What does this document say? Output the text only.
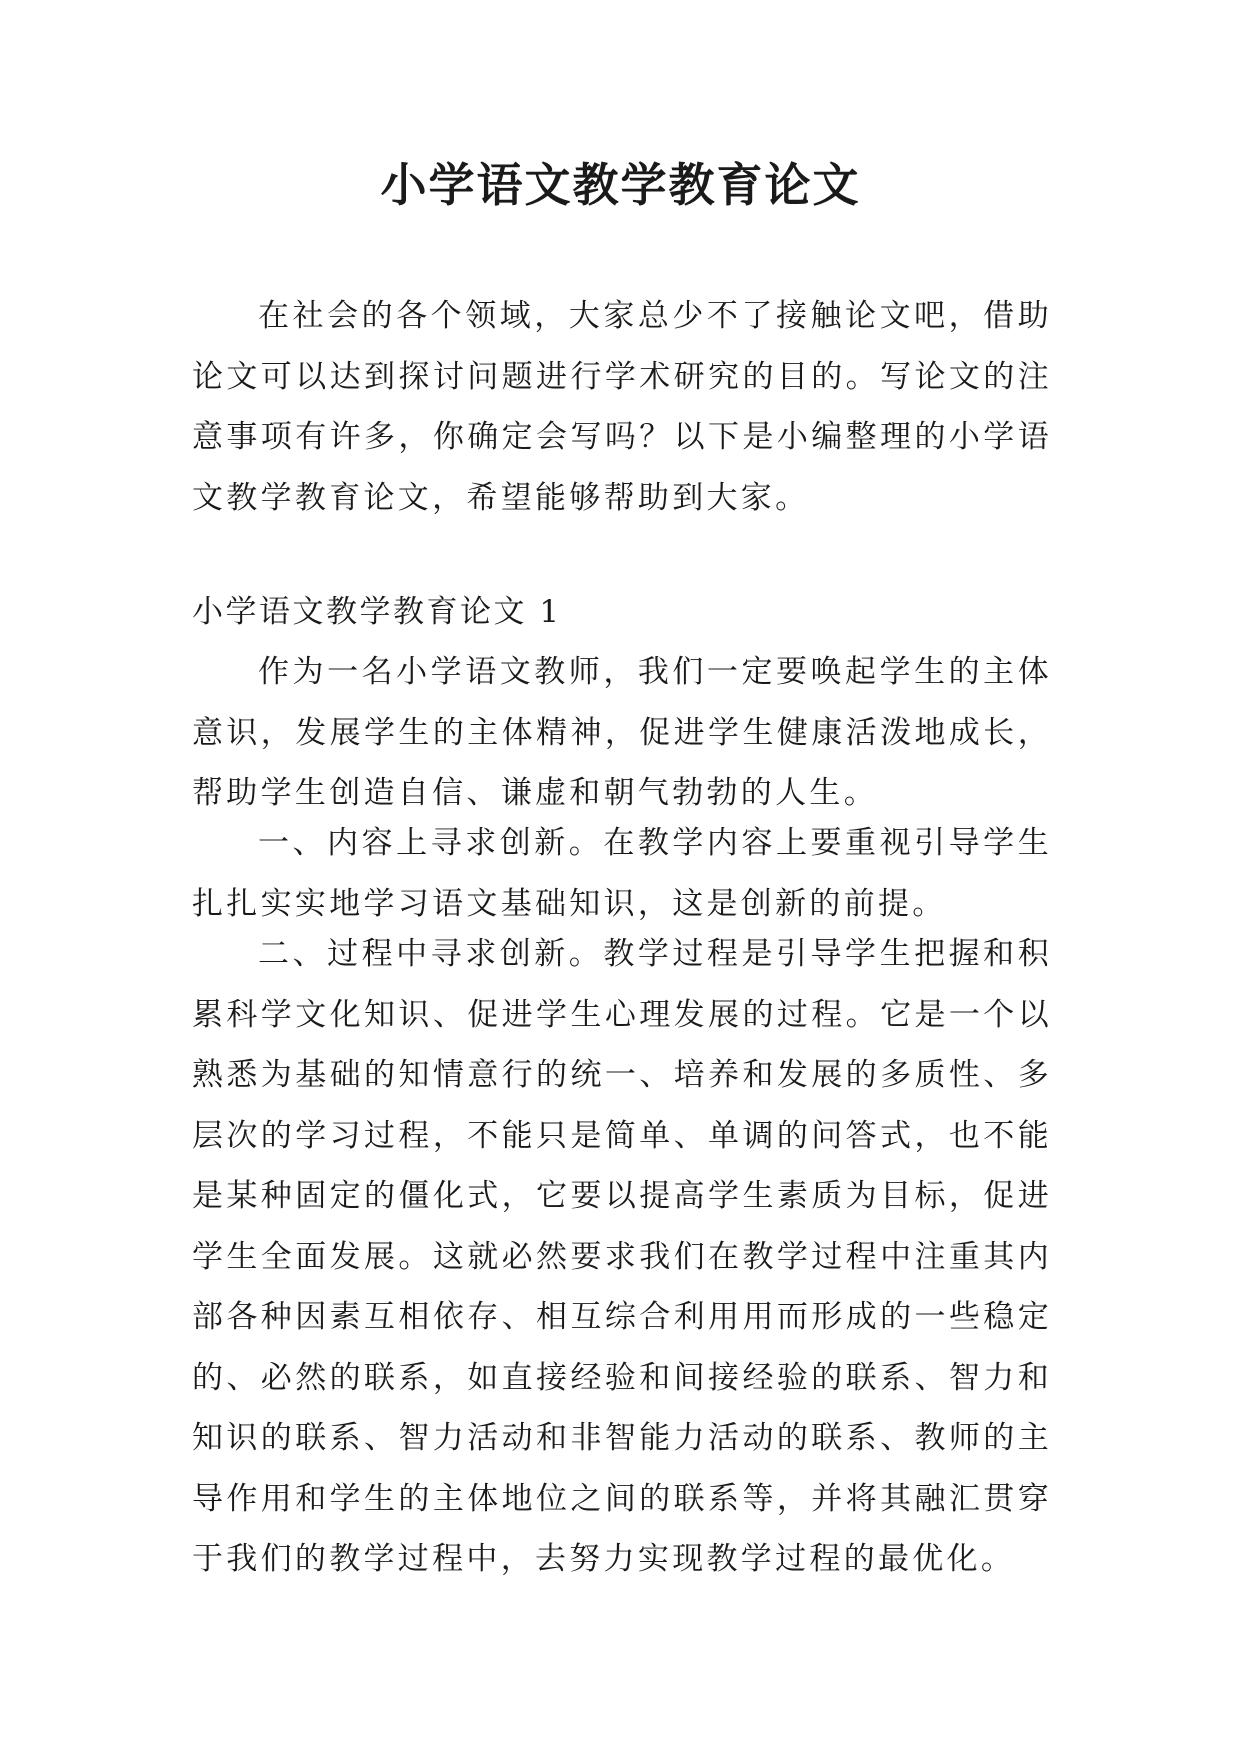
小学语文教学教育论文

在社会的各个领域，大家总少不了接触论文吧，借助论文可以达到探讨问题进行学术研究的目的。写论文的注意事项有许多，你确定会写吗？以下是小编整理的小学语文教学教育论文，希望能够帮助到大家。

小学语文教学教育论文 1

作为一名小学语文教师，我们一定要唤起学生的主体意识，发展学生的主体精神，促进学生健康活泼地成长，帮助学生创造自信、谦虚和朝气勃勃的人生。

一、内容上寻求创新。在教学内容上要重视引导学生扎扎实实地学习语文基础知识，这是创新的前提。

二、过程中寻求创新。教学过程是引导学生把握和积累科学文化知识、促进学生心理发展的过程。它是一个以熟悉为基础的知情意行的统一、培养和发展的多质性、多层次的学习过程，不能只是简单、单调的问答式，也不能是某种固定的僵化式，它要以提高学生素质为目标，促进学生全面发展。这就必然要求我们在教学过程中注重其内部各种因素互相依存、相互综合利用用而形成的一些稳定的、必然的联系，如直接经验和间接经验的联系、智力和知识的联系、智力活动和非智能力活动的联系、教师的主导作用和学生的主体地位之间的联系等，并将其融汇贯穿于我们的教学过程中，去努力实现教学过程的最优化。
